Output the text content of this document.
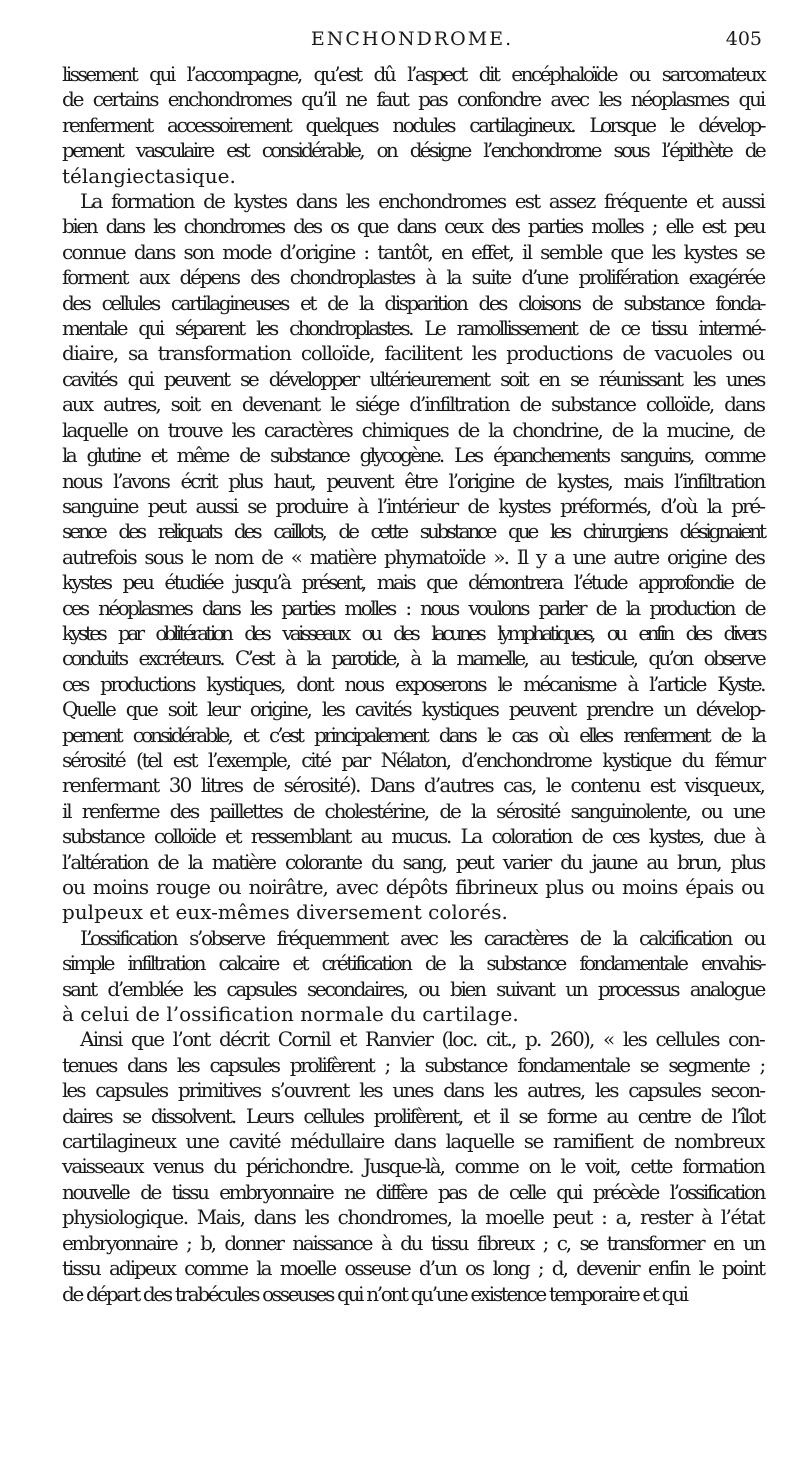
ENCHONDROME.	405
lissement qui l’accompagne, qu’est dû l’aspect dit encéphaloïde ou sarcomateux
de certains enchondromes qu’il ne faut pas confondre avec les néoplasmes qui
renferment accessoirement quelques nodules cartilagineux. Lorsque le dévelop-
pement vasculaire est considérable, on désigne l’enchondrome sous l’épithète de
télangiectasique.
La formation de kystes dans les enchondromes est assez fréquente et aussi
bien dans les chondromes des os que dans ceux des parties molles ; elle est peu
connue dans son mode d’origine : tantôt, en effet, il semble que les kystes se
forment aux dépens des chondroplastes à la suite d’une prolifération exagérée
des cellules cartilagineuses et de la disparition des cloisons de substance fonda-
mentale qui séparent les chondroplastes. Le ramollissement de ce tissu intermé-
diaire, sa transformation colloïde, facilitent les productions de vacuoles ou
cavités qui peuvent se développer ultérieurement soit en se réunissant les unes
aux autres, soit en devenant le siége d’infiltration de substance colloïde, dans
laquelle on trouve les caractères chimiques de la chondrine, de la mucine, de
la glutine et même de substance glycogène. Les épanchements sanguins, comme
nous l’avons écrit plus haut, peuvent être l’origine de kystes, mais l’infiltration
sanguine peut aussi se produire à l’intérieur de kystes préformés, d’où la pré-
sence des reliquats des caillots, de cette substance que les chirurgiens désignaient
autrefois sous le nom de « matière phymatoïde ». Il y a une autre origine des
kystes peu étudiée jusqu’à présent, mais que démontrera l’étude approfondie de
ces néoplasmes dans les parties molles : nous voulons parler de la production de
kystes par oblitération des vaisseaux ou des lacunes lymphatiques, ou enfin des divers
conduits excréteurs. C’est à la parotide, à la mamelle, au testicule, qu’on observe
ces productions kystiques, dont nous exposerons le mécanisme à l’article Kyste.
Quelle que soit leur origine, les cavités kystiques peuvent prendre un dévelop-
pement considérable, et c’est principalement dans le cas où elles renferment de la
sérosité (tel est l’exemple, cité par Nélaton, d’enchondrome kystique du fémur
renfermant 30 litres de sérosité). Dans d’autres cas, le contenu est visqueux,
il renferme des paillettes de cholestérine, de la sérosité sanguinolente, ou une
substance colloïde et ressemblant au mucus. La coloration de ces kystes, due à
l’altération de la matière colorante du sang, peut varier du jaune au brun, plus
ou moins rouge ou noirâtre, avec dépôts fibrineux plus ou moins épais ou
pulpeux et eux-mêmes diversement colorés.
L’ossification s’observe fréquemment avec les caractères de la calcification ou
simple infiltration calcaire et crétification de la substance fondamentale envahis-
sant d’emblée les capsules secondaires, ou bien suivant un processus analogue
à celui de l’ossification normale du cartilage.
Ainsi que l’ont décrit Cornil et Ranvier (loc. cit., p. 260), « les cellules con-
tenues dans les capsules prolifèrent ; la substance fondamentale se segmente ;
les capsules primitives s’ouvrent les unes dans les autres, les capsules secon-
daires se dissolvent. Leurs cellules prolifèrent, et il se forme au centre de l’îlot
cartilagineux une cavité médullaire dans laquelle se ramifient de nombreux
vaisseaux venus du périchondre. Jusque-là, comme on le voit, cette formation
nouvelle de tissu embryonnaire ne diffère pas de celle qui précède l’ossification
physiologique. Mais, dans les chondromes, la moelle peut : a, rester à l’état
embryonnaire ; b, donner naissance à du tissu fibreux ; c, se transformer en un
tissu adipeux comme la moelle osseuse d’un os long ; d, devenir enfin le point
de départ des trabécules osseuses qui n’ont qu’une existence temporaire et qui
